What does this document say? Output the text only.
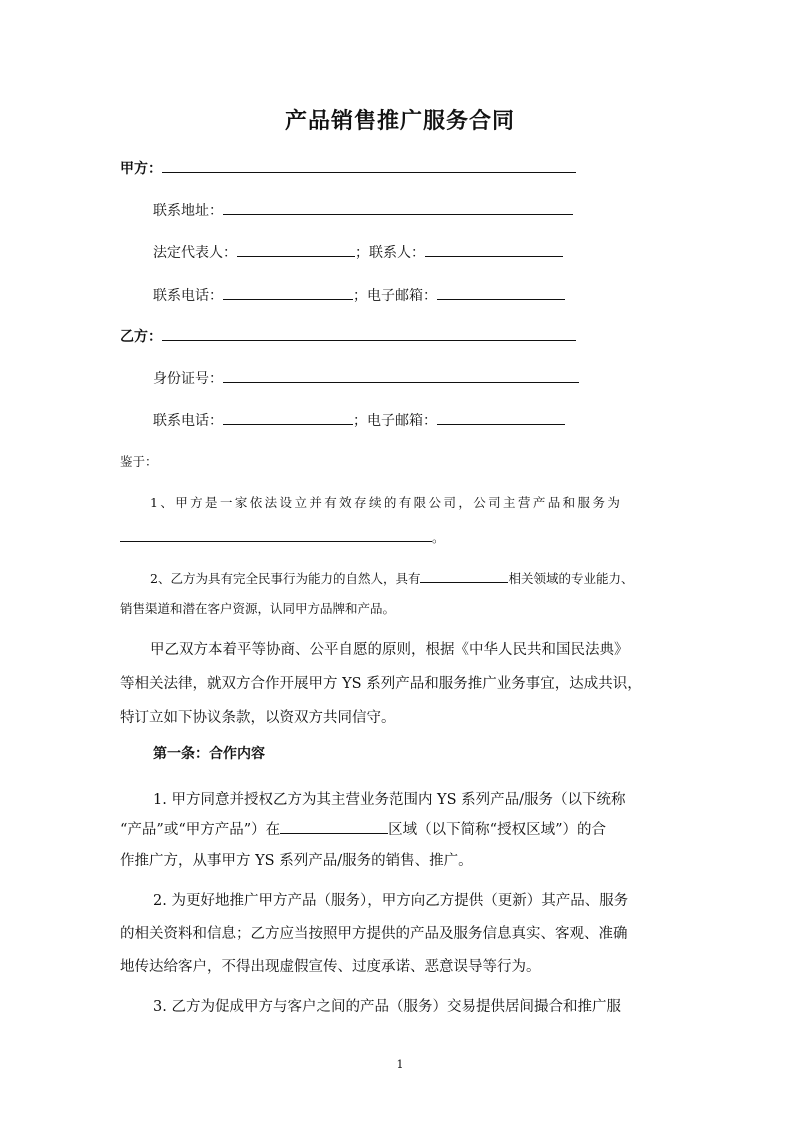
产品销售推广服务合同
甲方：
联系地址：
法定代表人：	；联系人：
联系电话：	；电子邮箱：
乙方：
身份证号：
联系电话：	；电子邮箱：
鉴于：
1、甲方是一家依法设立并有效存续的有限公司，公司主营产品和服务为
。
2、乙方为具有完全民事行为能力的自然人，具有	相关领域的专业能力、
销售渠道和潜在客户资源，认同甲方品牌和产品。
甲乙双方本着平等协商、公平自愿的原则，根据《中华人民共和国民法典》
等相关法律，就双方合作开展甲方 YS 系列产品和服务推广业务事宜，达成共识，
特订立如下协议条款，以资双方共同信守。
第一条：合作内容
1. 甲方同意并授权乙方为其主营业务范围内 YS 系列产品/服务（以下统称
“产品”或“甲方产品”）在	区域（以下简称“授权区域”）的合
作推广方，从事甲方 YS 系列产品/服务的销售、推广。
2. 为更好地推广甲方产品（服务），甲方向乙方提供（更新）其产品、服务
的相关资料和信息；乙方应当按照甲方提供的产品及服务信息真实、客观、准确
地传达给客户，不得出现虚假宣传、过度承诺、恶意误导等行为。
3. 乙方为促成甲方与客户之间的产品（服务）交易提供居间撮合和推广服
1
